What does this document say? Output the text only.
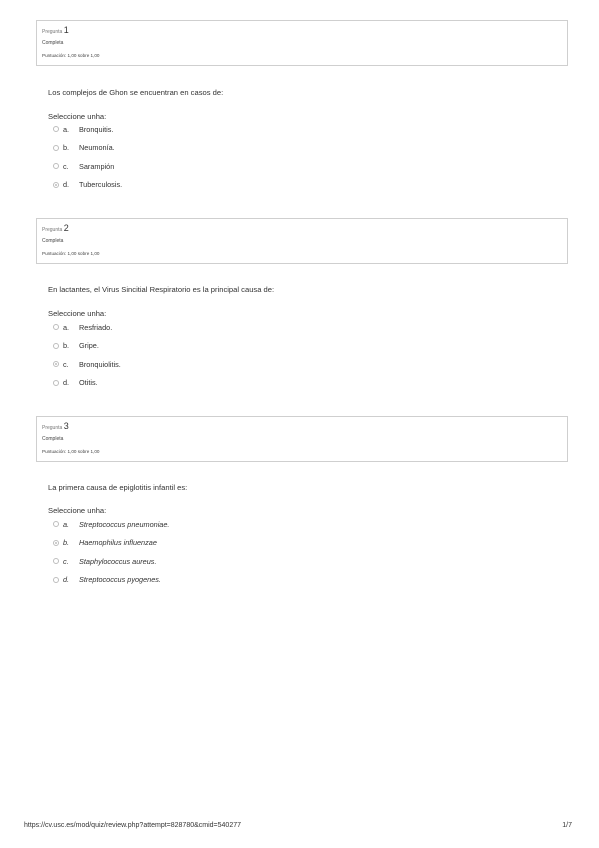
Pregunta 1
Completa
Puntuación: 1,00 sobre 1,00
Los complejos de Ghon se encuentran en casos de:
Seleccione unha:
a.	Bronquitis.
b.	Neumonía.
c.	Sarampión
d.	Tuberculosis.
Pregunta 2
Completa
Puntuación: 1,00 sobre 1,00
En lactantes, el Virus Sincitial Respiratorio es la principal causa de:
Seleccione unha:
a.	Resfriado.
b.	Gripe.
c.	Bronquiolitis.
d.	Otitis.
Pregunta 3
Completa
Puntuación: 1,00 sobre 1,00
La primera causa de epiglotitis infantil es:
Seleccione unha:
a.	Streptococcus pneumoniae.
b.	Haemophilus influenzae
c.	Staphylococcus aureus.
d.	Streptococcus pyogenes.
https://cv.usc.es/mod/quiz/review.php?attempt=828780&cmid=540277	1/7
